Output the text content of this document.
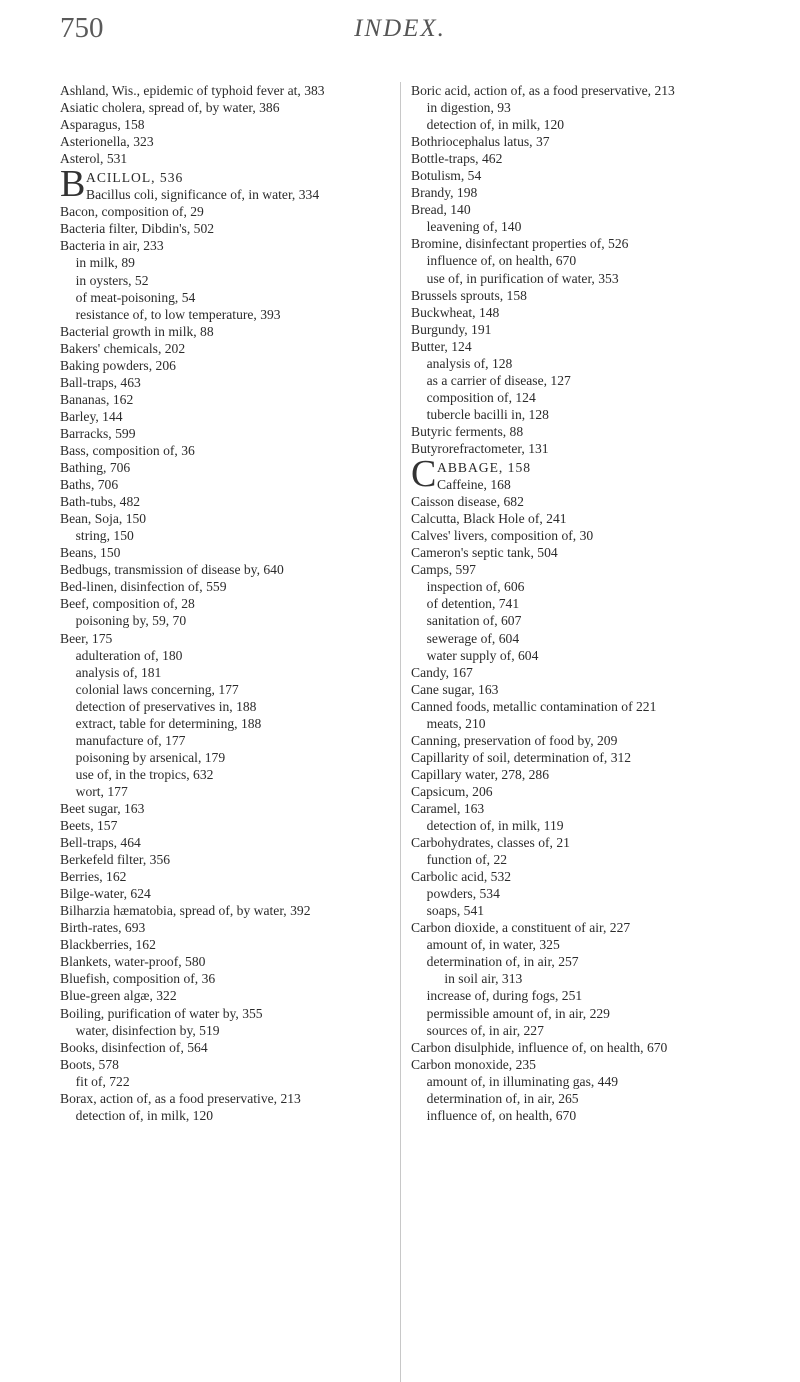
750	INDEX.

Ashland, Wis., epidemic of typhoid fever at, 383

Asiatic cholera, spread of, by water, 386

Asparagus, 158

Asterionella, 323

Asterol, 531

B ACILLOL, 536

Bacillus coli, significance of, in water, 334

Bacon, composition of, 29

Bacteria filter, Dibdin's, 502

Bacteria in air, 233

in milk, 89

in oysters, 52

of meat-poisoning, 54

resistance of, to low temperature, 393

Bacterial growth in milk, 88

Bakers' chemicals, 202

Baking powders, 206

Ball-traps, 463

Bananas, 162

Barley, 144

Barracks, 599

Bass, composition of, 36

Bathing, 706

Baths, 706

Bath-tubs, 482

Bean, Soja, 150

string, 150

Beans, 150

Bedbugs, transmission of disease by, 640

Bed-linen, disinfection of, 559

Beef, composition of, 28

poisoning by, 59, 70

Beer, 175

adulteration of, 180

analysis of, 181

colonial laws concerning, 177

detection of preservatives in, 188

extract, table for determining, 188

manufacture of, 177

poisoning by arsenical, 179

use of, in the tropics, 632

wort, 177

Beet sugar, 163

Beets, 157

Bell-traps, 464

Berkefeld filter, 356

Berries, 162

Bilge-water, 624

Bilharzia hæmatobia, spread of, by water, 392

Birth-rates, 693

Blackberries, 162

Blankets, water-proof, 580

Bluefish, composition of, 36

Blue-green algæ, 322

Boiling, purification of water by, 355

water, disinfection by, 519

Books, disinfection of, 564

Boots, 578

fit of, 722

Borax, action of, as a food preservative, 213

detection of, in milk, 120

Boric acid, action of, as a food preservative, 213

in digestion, 93

detection of, in milk, 120

Bothriocephalus latus, 37

Bottle-traps, 462

Botulism, 54

Brandy, 198

Bread, 140

leavening of, 140

Bromine, disinfectant properties of, 526

influence of, on health, 670

use of, in purification of water, 353

Brussels sprouts, 158

Buckwheat, 148

Burgundy, 191

Butter, 124

analysis of, 128

as a carrier of disease, 127

composition of, 124

tubercle bacilli in, 128

Butyric ferments, 88

Butyrorefractometer, 131

C ABBAGE, 158

Caffeine, 168

Caisson disease, 682

Calcutta, Black Hole of, 241

Calves' livers, composition of, 30

Cameron's septic tank, 504

Camps, 597

inspection of, 606

of detention, 741

sanitation of, 607

sewerage of, 604

water supply of, 604

Candy, 167

Cane sugar, 163

Canned foods, metallic contamination of 221

meats, 210

Canning, preservation of food by, 209

Capillarity of soil, determination of, 312

Capillary water, 278, 286

Capsicum, 206

Caramel, 163

detection of, in milk, 119

Carbohydrates, classes of, 21

function of, 22

Carbolic acid, 532

powders, 534

soaps, 541

Carbon dioxide, a constituent of air, 227

amount of, in water, 325

determination of, in air, 257

in soil air, 313

increase of, during fogs, 251

permissible amount of, in air, 229

sources of, in air, 227

Carbon disulphide, influence of, on health, 670

Carbon monoxide, 235

amount of, in illuminating gas, 449

determination of, in air, 265

influence of, on health, 670
